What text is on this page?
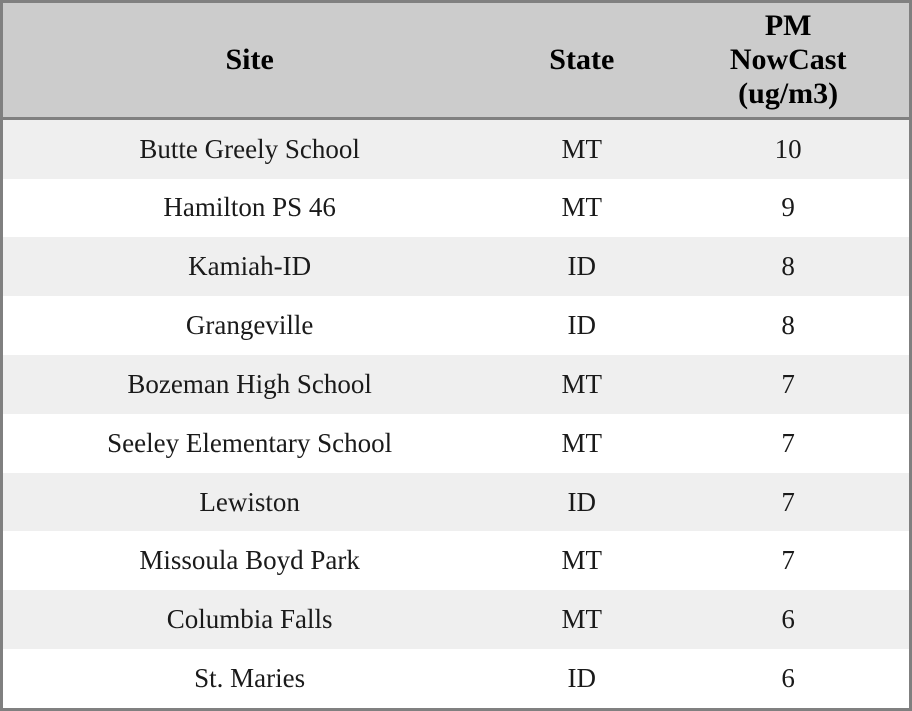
Site	State	PM
NowCast
(ug/m3)

Butte Greely School	MT	10
Hamilton PS 46	MT	9
Kamiah-ID	ID	8
Grangeville	ID	8
Bozeman High School	MT	7
Seeley Elementary School	MT	7
Lewiston	ID	7
Missoula Boyd Park	MT	7
Columbia Falls	MT	6
St. Maries	ID	6
